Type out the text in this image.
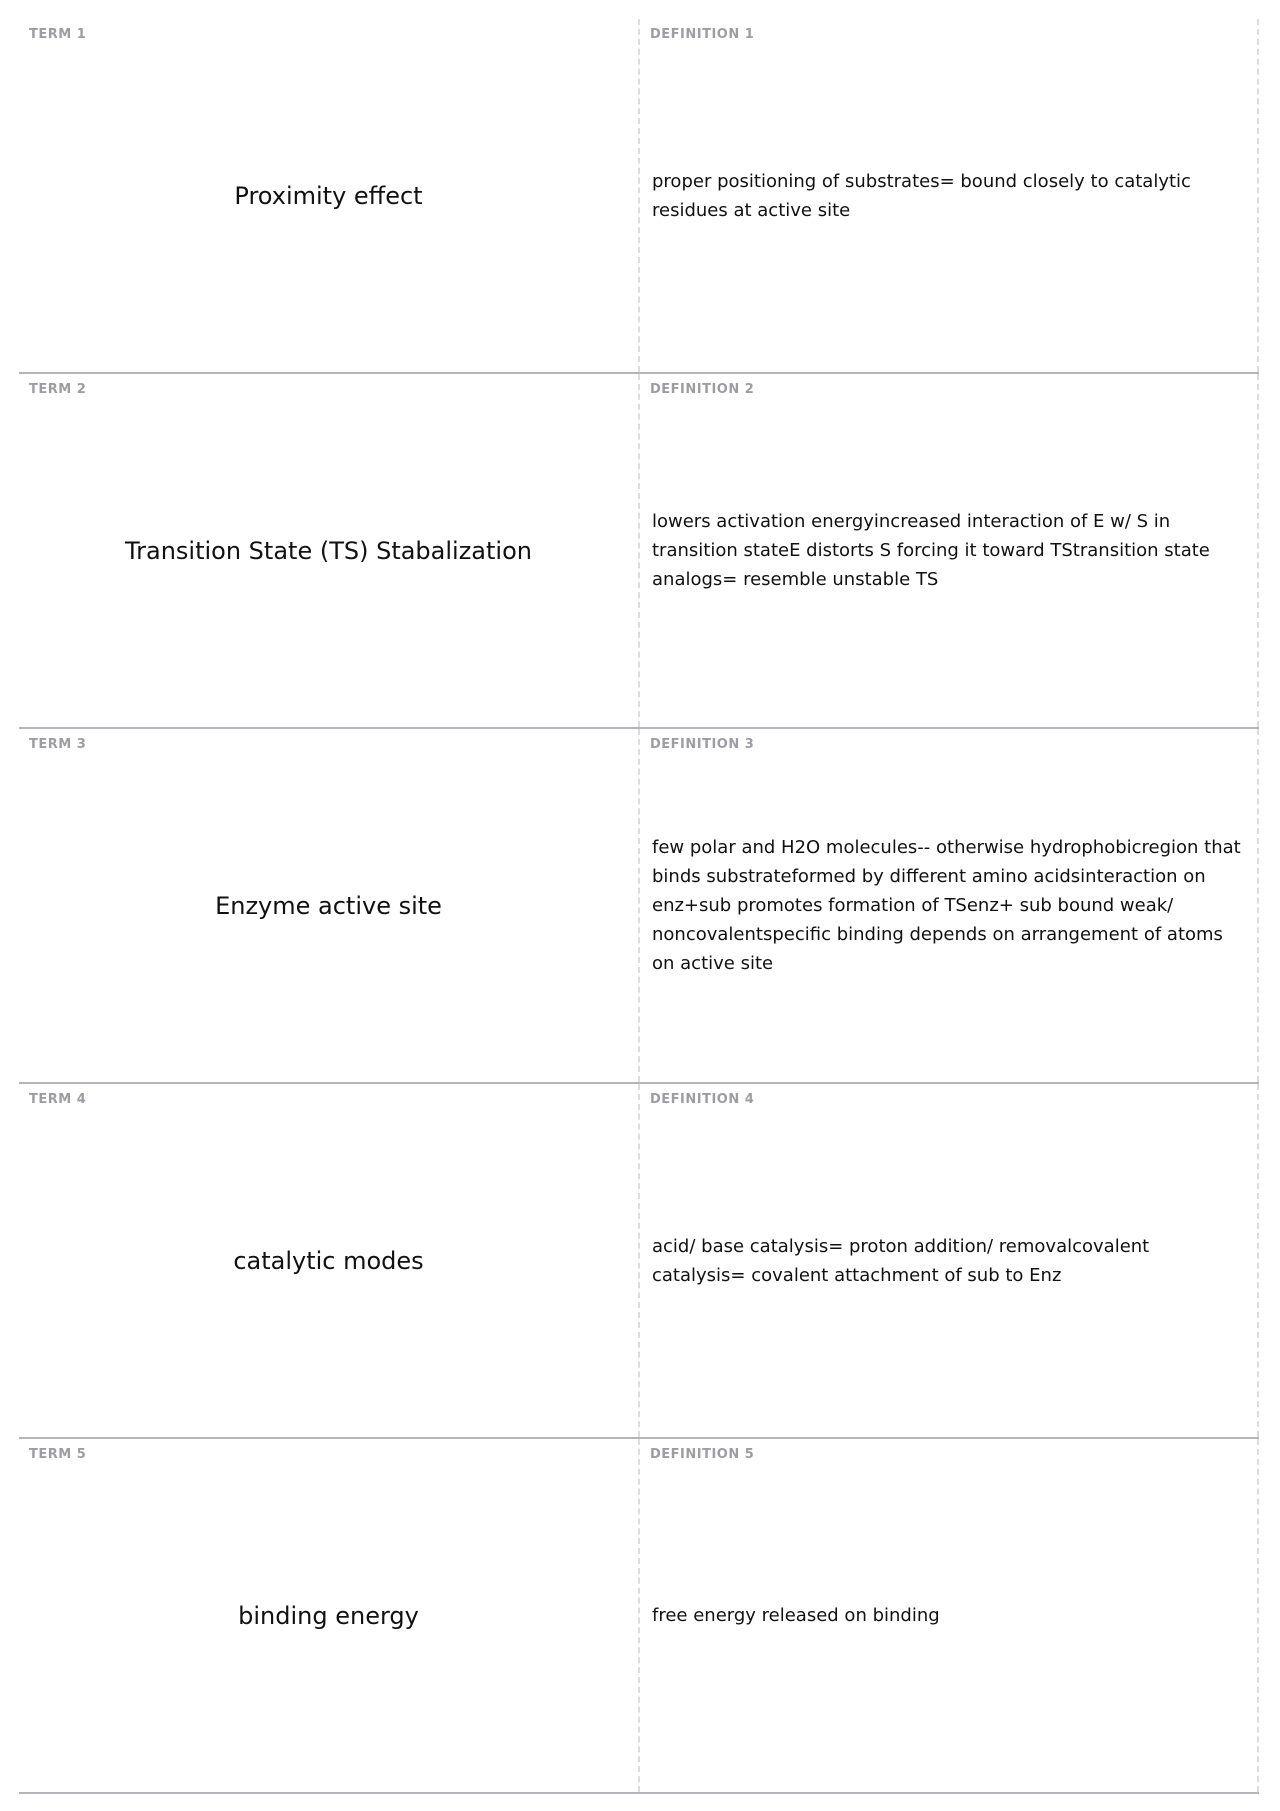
TERM 1
Proximity effect
DEFINITION 1
proper positioning of substrates= bound closely to catalytic residues at active site
TERM 2
Transition State (TS) Stabalization
DEFINITION 2
lowers activation energyincreased interaction of E w/ S in transition stateE distorts S forcing it toward TStransition state analogs= resemble unstable TS
TERM 3
Enzyme active site
DEFINITION 3
few polar and H2O molecules-- otherwise hydrophobicregion that binds substrateformed by different amino acidsinteraction on enz+sub promotes formation of TSenz+ sub bound weak/ noncovalentspecific binding depends on arrangement of atoms on active site
TERM 4
catalytic modes
DEFINITION 4
acid/ base catalysis= proton addition/ removalcovalent catalysis= covalent attachment of sub to Enz
TERM 5
binding energy
DEFINITION 5
free energy released on binding
